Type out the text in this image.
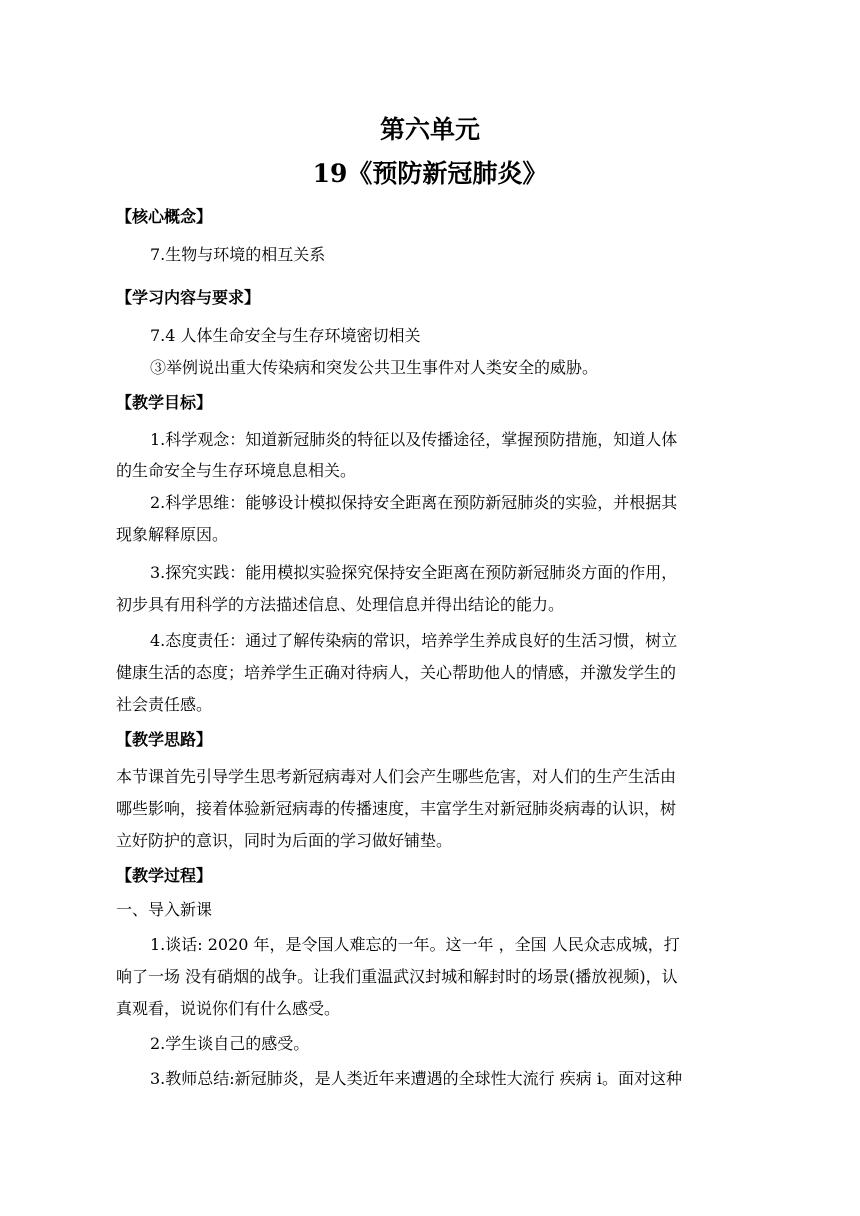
第六单元
19《预防新冠肺炎》
【核心概念】
7.生物与环境的相互关系
【学习内容与要求】
7.4 人体生命安全与生存环境密切相关
③举例说出重大传染病和突发公共卫生事件对人类安全的威胁。
【教学目标】
1.科学观念：知道新冠肺炎的特征以及传播途径，掌握预防措施，知道人体
的生命安全与生存环境息息相关。
2.科学思维：能够设计模拟保持安全距离在预防新冠肺炎的实验，并根据其
现象解释原因。
3.探究实践：能用模拟实验探究保持安全距离在预防新冠肺炎方面的作用，
初步具有用科学的方法描述信息、处理信息并得出结论的能力。
4.态度责任：通过了解传染病的常识，培养学生养成良好的生活习惯，树立
健康生活的态度；培养学生正确对待病人，关心帮助他人的情感，并激发学生的
社会责任感。
【教学思路】
本节课首先引导学生思考新冠病毒对人们会产生哪些危害，对人们的生产生活由
哪些影响，接着体验新冠病毒的传播速度，丰富学生对新冠肺炎病毒的认识，树
立好防护的意识，同时为后面的学习做好铺垫。
【教学过程】
一、导入新课
1.谈话: 2020 年，是令国人难忘的一年。这一年 ，全国 人民众志成城，打
响了一场 没有硝烟的战争。让我们重温武汉封城和解封时的场景(播放视频)，认
真观看，说说你们有什么感受。
2.学生谈自己的感受。
3.教师总结:新冠肺炎，是人类近年来遭遇的全球性大流行 疾病 i。面对这种
